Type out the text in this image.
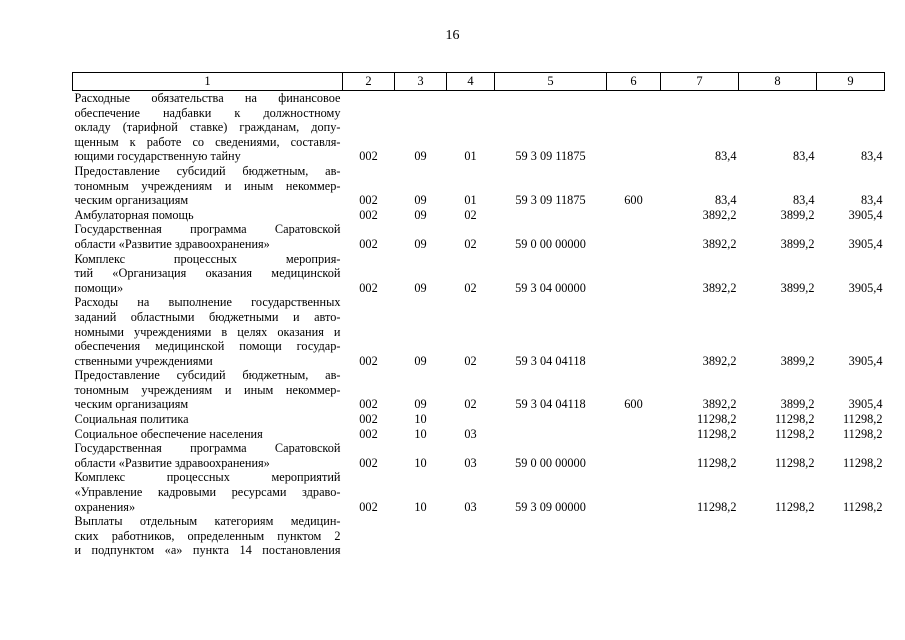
16
1	2	3	4	5	6	7	8	9
Расходные обязательства на финансовое								
обеспечение надбавки к должностному								
окладу (тарифной ставке) гражданам, допу-								
щенным к работе со сведениями, составля-								
ющими государственную тайну	002	09	01	59 3 09 11875		83,4	83,4	83,4
Предоставление субсидий бюджетным, ав-								
тономным учреждениям и иным некоммер-								
ческим организациям	002	09	01	59 3 09 11875	600	83,4	83,4	83,4
Амбулаторная помощь	002	09	02			3892,2	3899,2	3905,4
Государственная программа Саратовской								
области «Развитие здравоохранения»	002	09	02	59 0 00 00000		3892,2	3899,2	3905,4
Комплекс процессных мероприя-								
тий «Организация оказания медицинской								
помощи»	002	09	02	59 3 04 00000		3892,2	3899,2	3905,4
Расходы на выполнение государственных								
заданий областными бюджетными и авто-								
номными учреждениями в целях оказания и								
обеспечения медицинской помощи государ-								
ственными учреждениями	002	09	02	59 3 04 04118		3892,2	3899,2	3905,4
Предоставление субсидий бюджетным, ав-								
тономным учреждениям и иным некоммер-								
ческим организациям	002	09	02	59 3 04 04118	600	3892,2	3899,2	3905,4
Социальная политика	002	10				11298,2	11298,2	11298,2
Социальное обеспечение населения	002	10	03			11298,2	11298,2	11298,2
Государственная программа Саратовской								
области «Развитие здравоохранения»	002	10	03	59 0 00 00000		11298,2	11298,2	11298,2
Комплекс процессных мероприятий								
«Управление кадровыми ресурсами здраво-								
охранения»	002	10	03	59 3 09 00000		11298,2	11298,2	11298,2
Выплаты отдельным категориям медицин-								
ских работников, определенным пунктом 2								
и подпунктом «а» пункта 14 постановления								
